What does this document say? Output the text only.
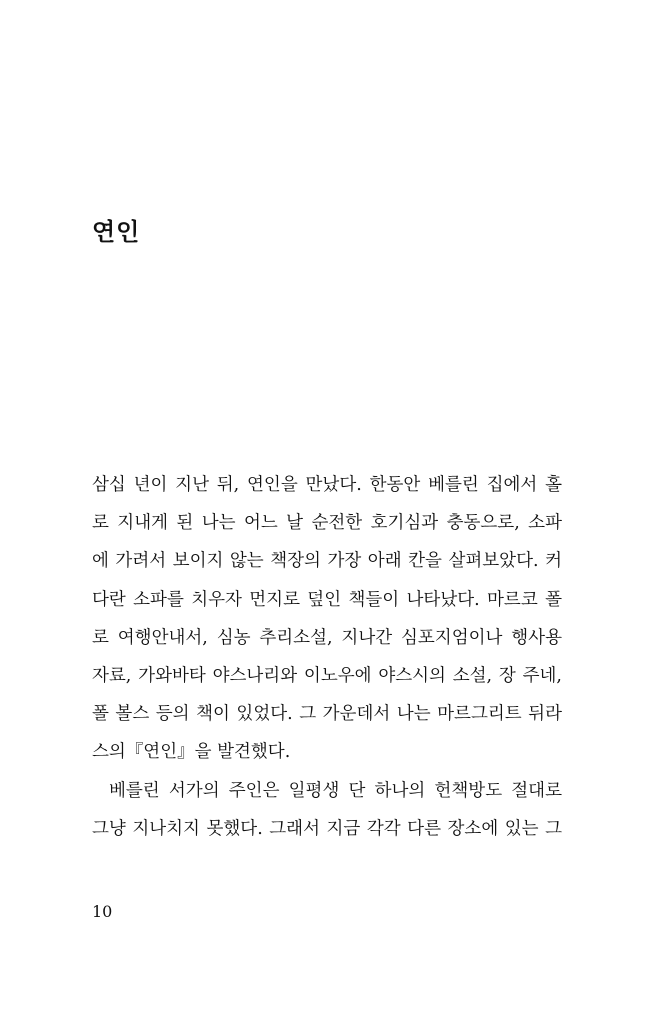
연인
삼십 년이 지난 뒤, 연인을 만났다. 한동안 베를린 집에서 홀
로 지내게 된 나는 어느 날 순전한 호기심과 충동으로, 소파
에 가려서 보이지 않는 책장의 가장 아래 칸을 살펴보았다. 커
다란 소파를 치우자 먼지로 덮인 책들이 나타났다. 마르코 폴
로 여행안내서, 심농 추리소설, 지나간 심포지엄이나 행사용
자료, 가와바타 야스나리와 이노우에 야스시의 소설, 장 주네,
폴 볼스 등의 책이 있었다. 그 가운데서 나는 마르그리트 뒤라
스의『연인』을 발견했다.
베를린 서가의 주인은 일평생 단 하나의 헌책방도 절대로
그냥 지나치지 못했다. 그래서 지금 각각 다른 장소에 있는 그

10
